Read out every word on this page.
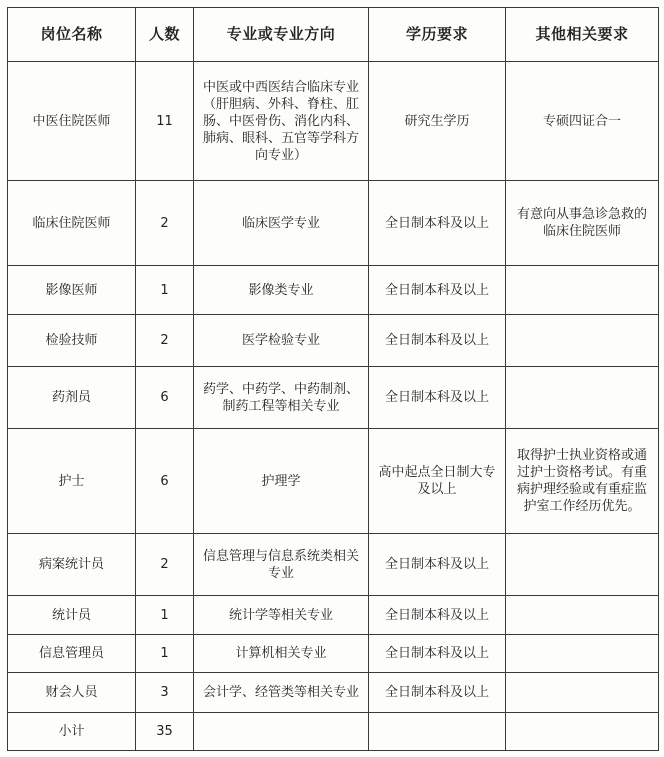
岗位名称	人数	专业或专业方向	学历要求	其他相关要求
中医住院医师	11	中医或中西医结合临床专业（肝胆病、外科、脊柱、肛肠、中医骨伤、消化内科、肺病、眼科、五官等学科方向专业）	研究生学历	专硕四证合一
临床住院医师	2	临床医学专业	全日制本科及以上	有意向从事急诊急救的临床住院医师
影像医师	1	影像类专业	全日制本科及以上	
检验技师	2	医学检验专业	全日制本科及以上	
药剂员	6	药学、中药学、中药制剂、制药工程等相关专业	全日制本科及以上	
护士	6	护理学	高中起点全日制大专及以上	取得护士执业资格或通过护士资格考试。有重病护理经验或有重症监护室工作经历优先。
病案统计员	2	信息管理与信息系统类相关专业	全日制本科及以上	
统计员	1	统计学等相关专业	全日制本科及以上	
信息管理员	1	计算机相关专业	全日制本科及以上	
财会人员	3	会计学、经管类等相关专业	全日制本科及以上	
小计	35			
